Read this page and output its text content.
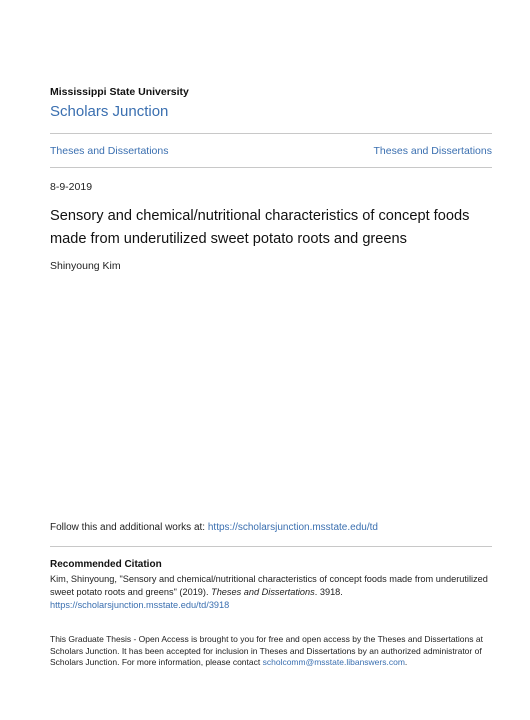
Mississippi State University
Scholars Junction
Theses and Dissertations	Theses and Dissertations
8-9-2019
Sensory and chemical/nutritional characteristics of concept foods made from underutilized sweet potato roots and greens
Shinyoung Kim
Follow this and additional works at: https://scholarsjunction.msstate.edu/td
Recommended Citation
Kim, Shinyoung, "Sensory and chemical/nutritional characteristics of concept foods made from underutilized sweet potato roots and greens" (2019). Theses and Dissertations. 3918.
https://scholarsjunction.msstate.edu/td/3918
This Graduate Thesis - Open Access is brought to you for free and open access by the Theses and Dissertations at Scholars Junction. It has been accepted for inclusion in Theses and Dissertations by an authorized administrator of Scholars Junction. For more information, please contact scholcomm@msstate.libanswers.com.
